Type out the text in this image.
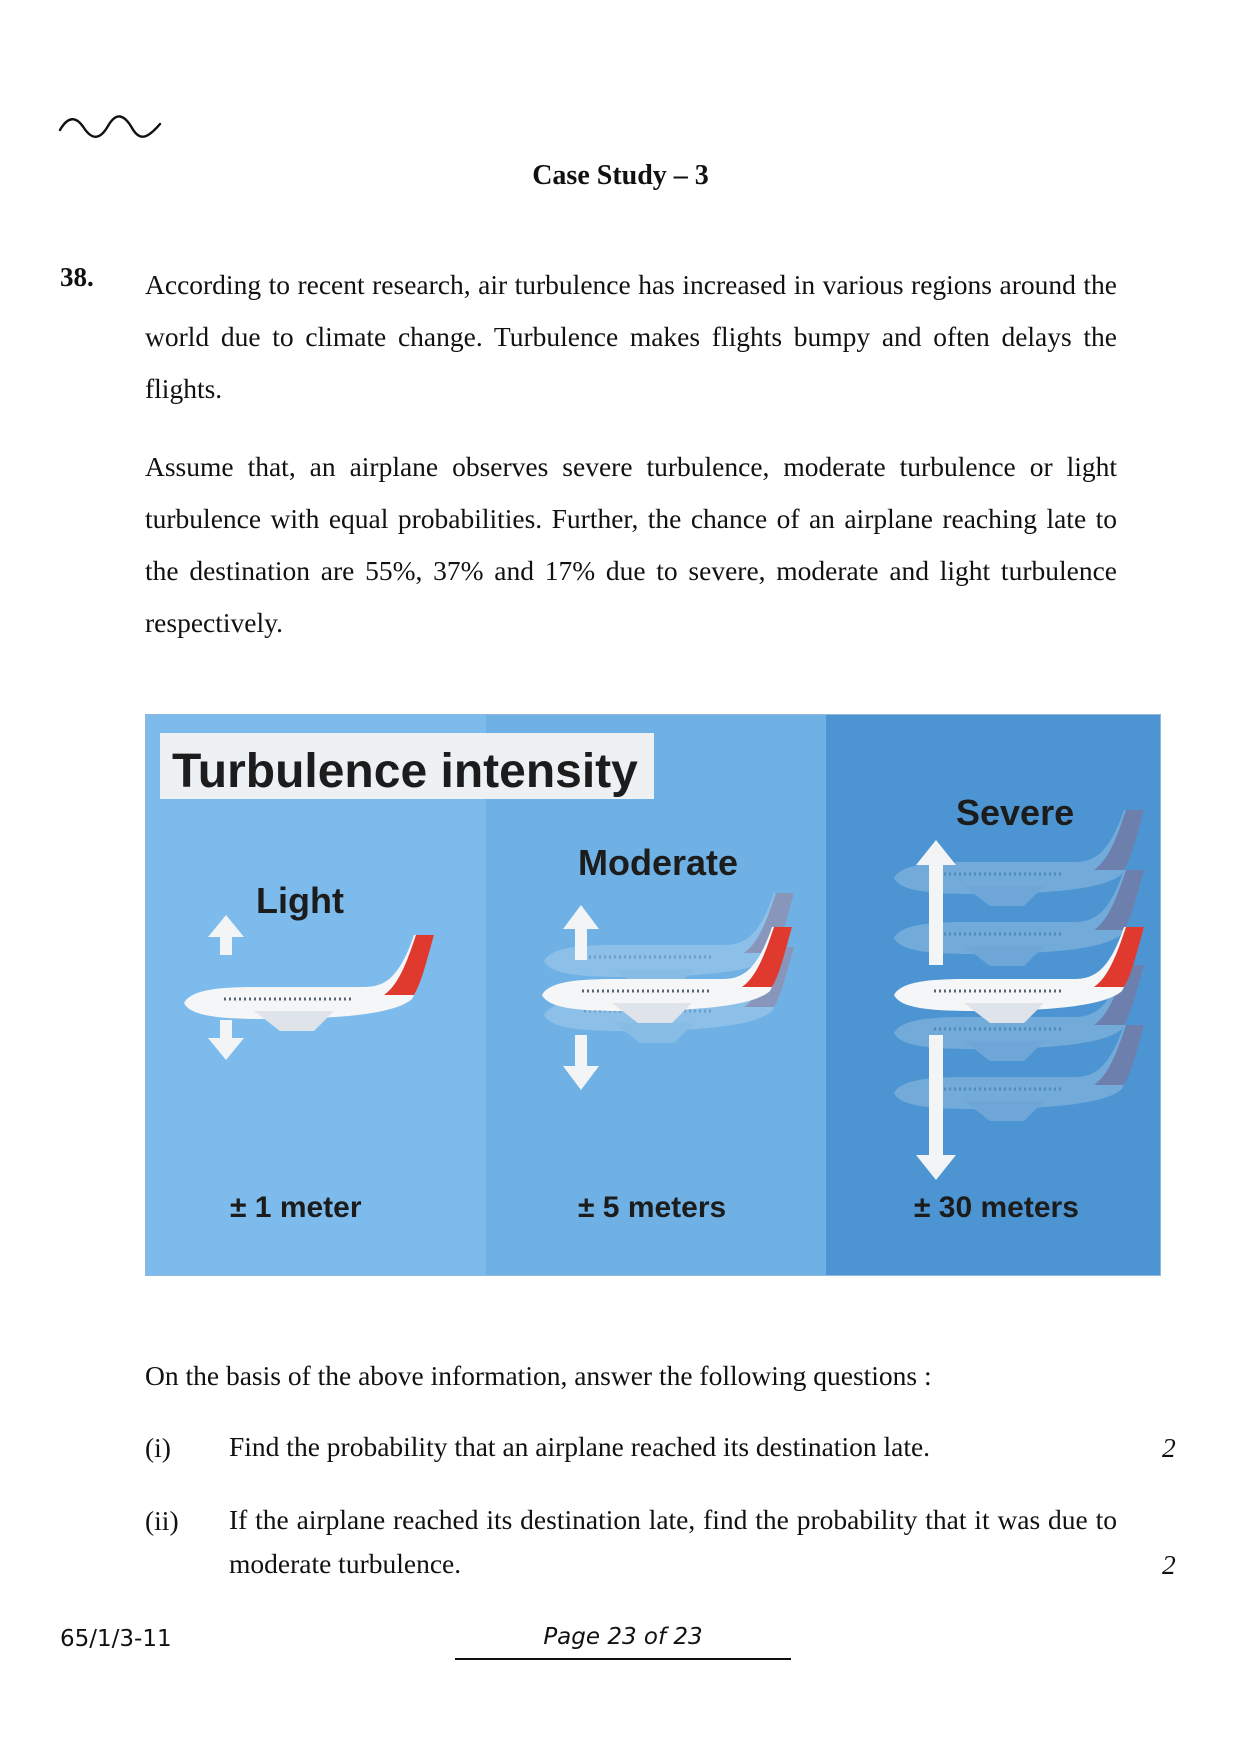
Case Study – 3
38. According to recent research, air turbulence has increased in various regions around the world due to climate change. Turbulence makes flights bumpy and often delays the flights.

Assume that, an airplane observes severe turbulence, moderate turbulence or light turbulence with equal probabilities. Further, the chance of an airplane reaching late to the destination are 55%, 37% and 17% due to severe, moderate and light turbulence respectively.

Turbulence intensity
Light
Moderate
Severe
± 1 meter	± 5 meters	± 30 meters
On the basis of the above information, answer the following questions :
(i) Find the probability that an airplane reached its destination late.	2
(ii) If the airplane reached its destination late, find the probability that it was due to moderate turbulence.	2
65/1/3-11	Page 23 of 23
